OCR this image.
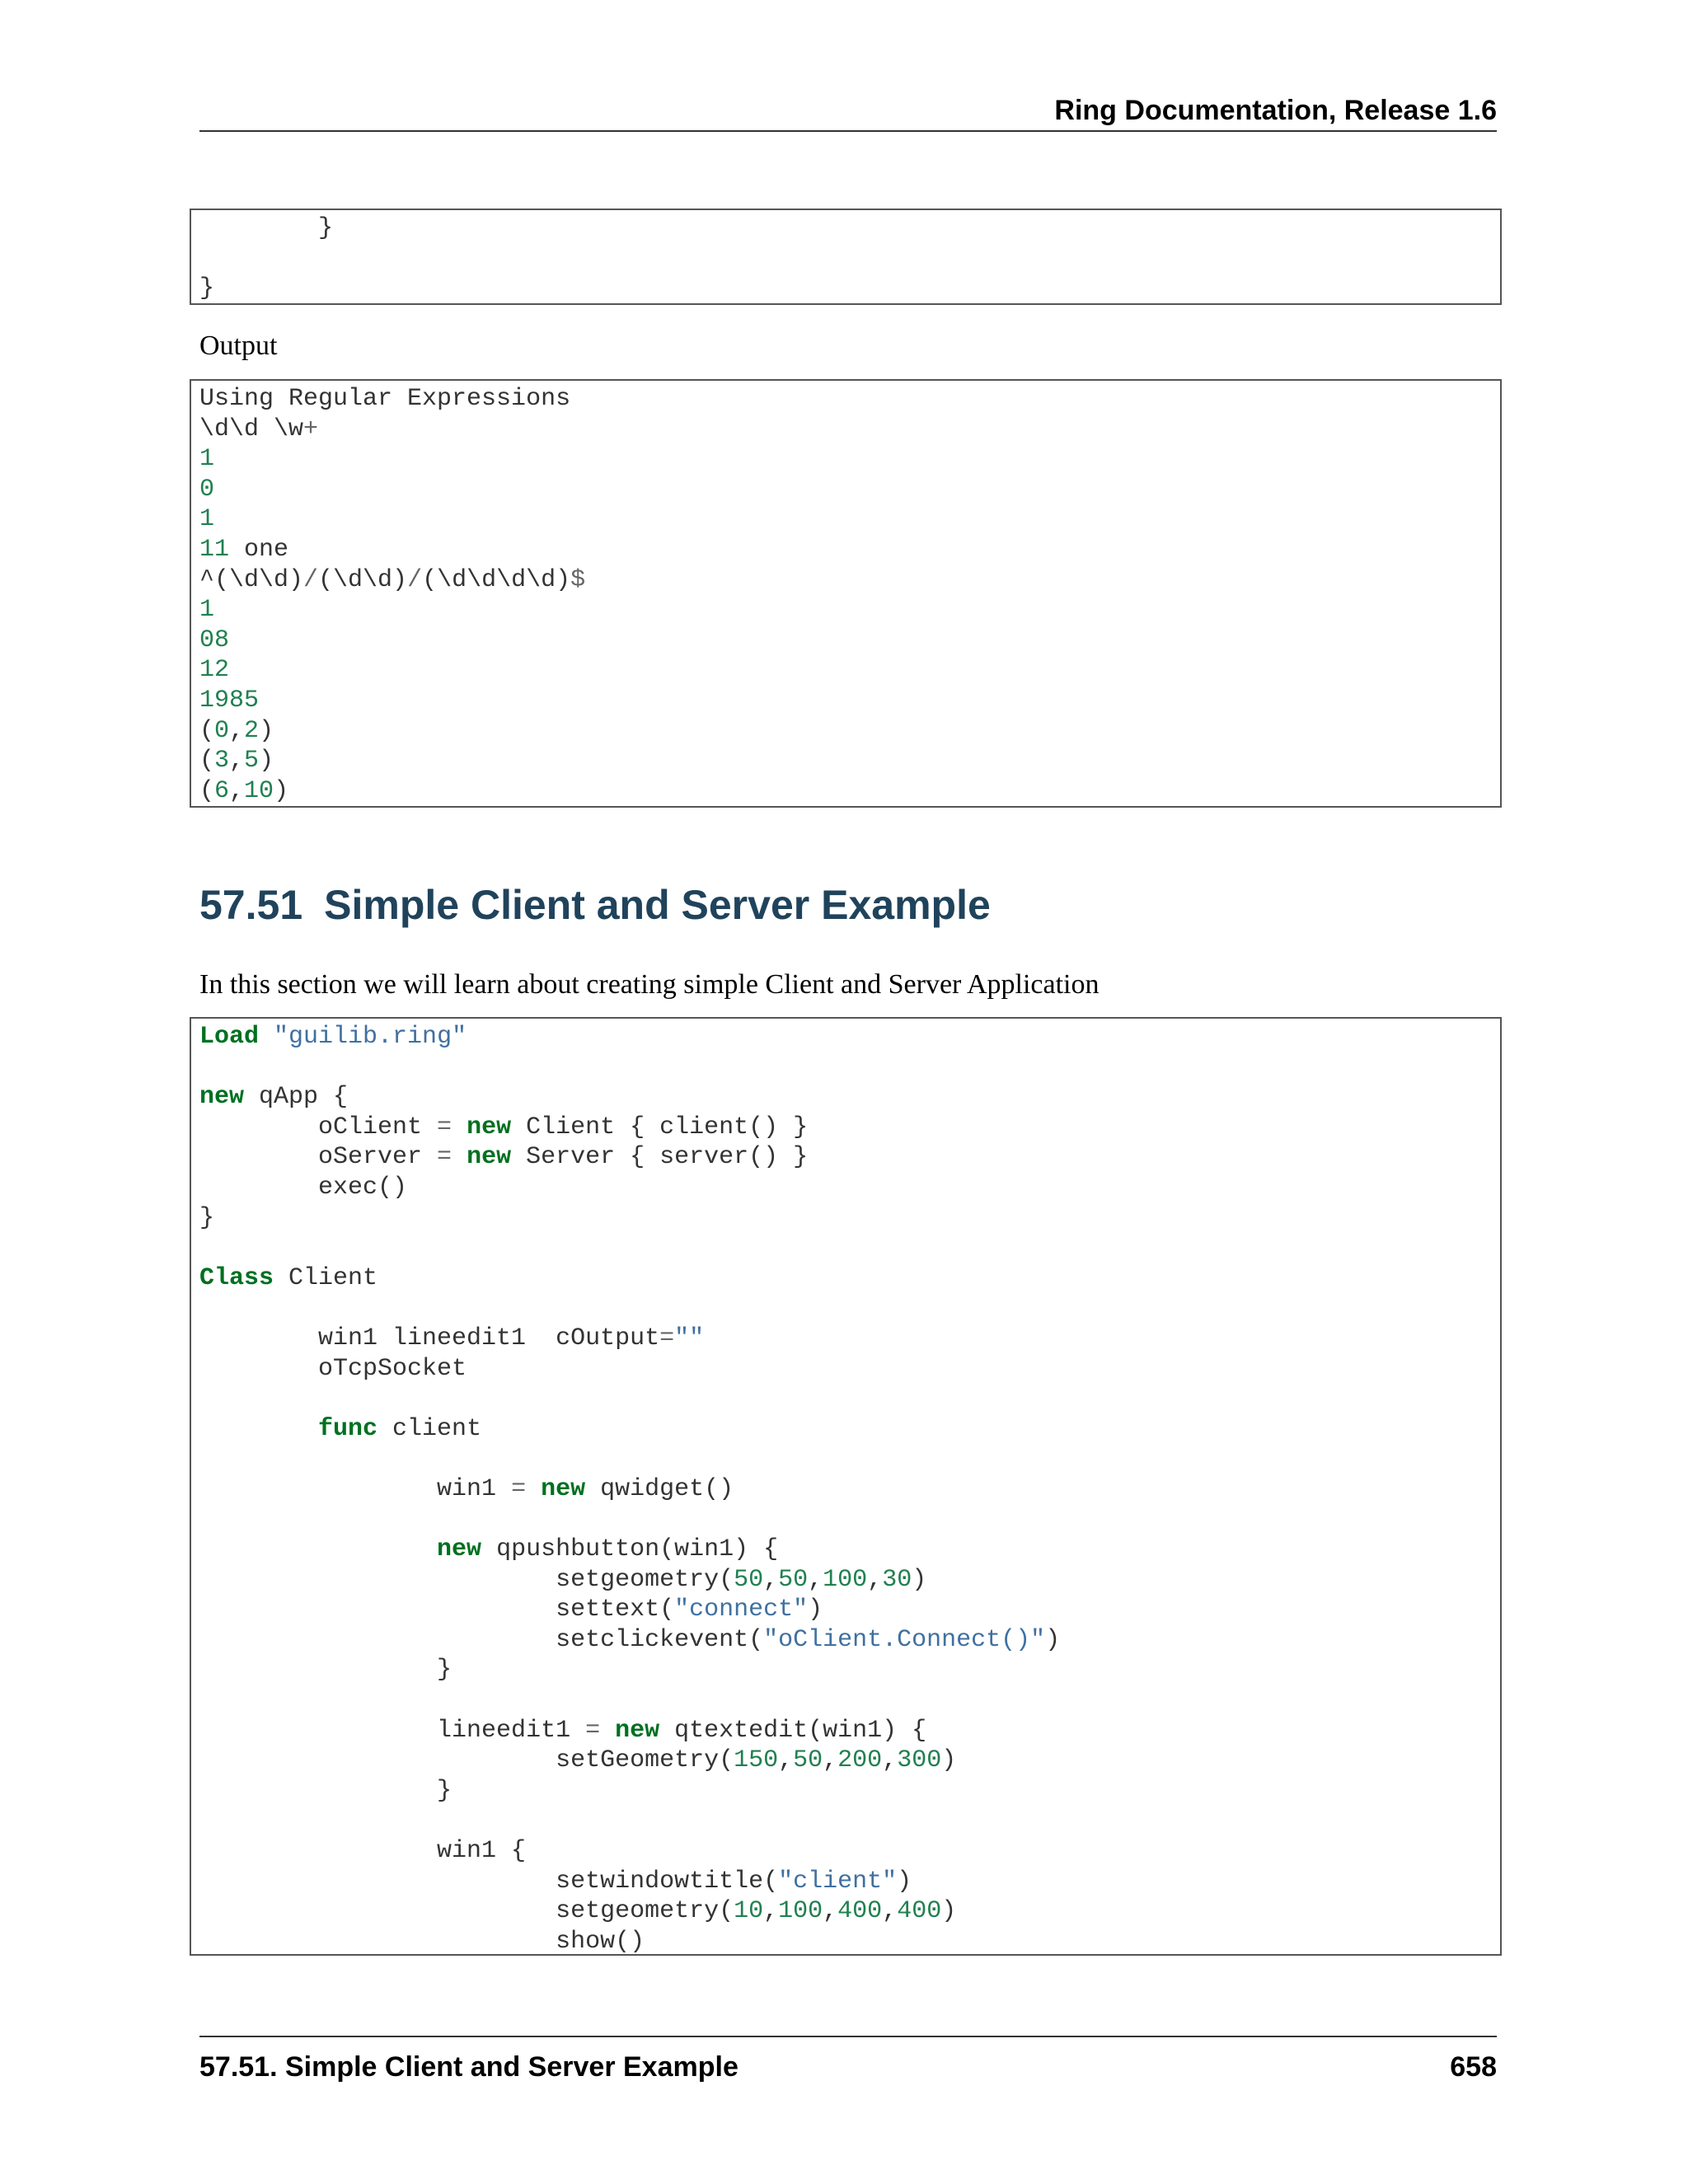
Ring Documentation, Release 1.6
}

}
Output
Using Regular Expressions
\d\d \w+
1
0
1
11 one
^(\d\d)/(\d\d)/(\d\d\d\d)$
1
08
12
1985
(0,2)
(3,5)
(6,10)
57.51 Simple Client and Server Example
In this section we will learn about creating simple Client and Server Application
Load "guilib.ring"

new qApp {
oClient = new Client { client() }
oServer = new Server { server() }
exec()
}

Class Client

win1 lineedit1  cOutput=""
oTcpSocket

func client

win1 = new qwidget()

new qpushbutton(win1) {
setgeometry(50,50,100,30)
settext("connect")
setclickevent("oClient.Connect()")
}

lineedit1 = new qtextedit(win1) {
setGeometry(150,50,200,300)
}

win1 {
setwindowtitle("client")
setgeometry(10,100,400,400)
show()
57.51. Simple Client and Server Example	658
